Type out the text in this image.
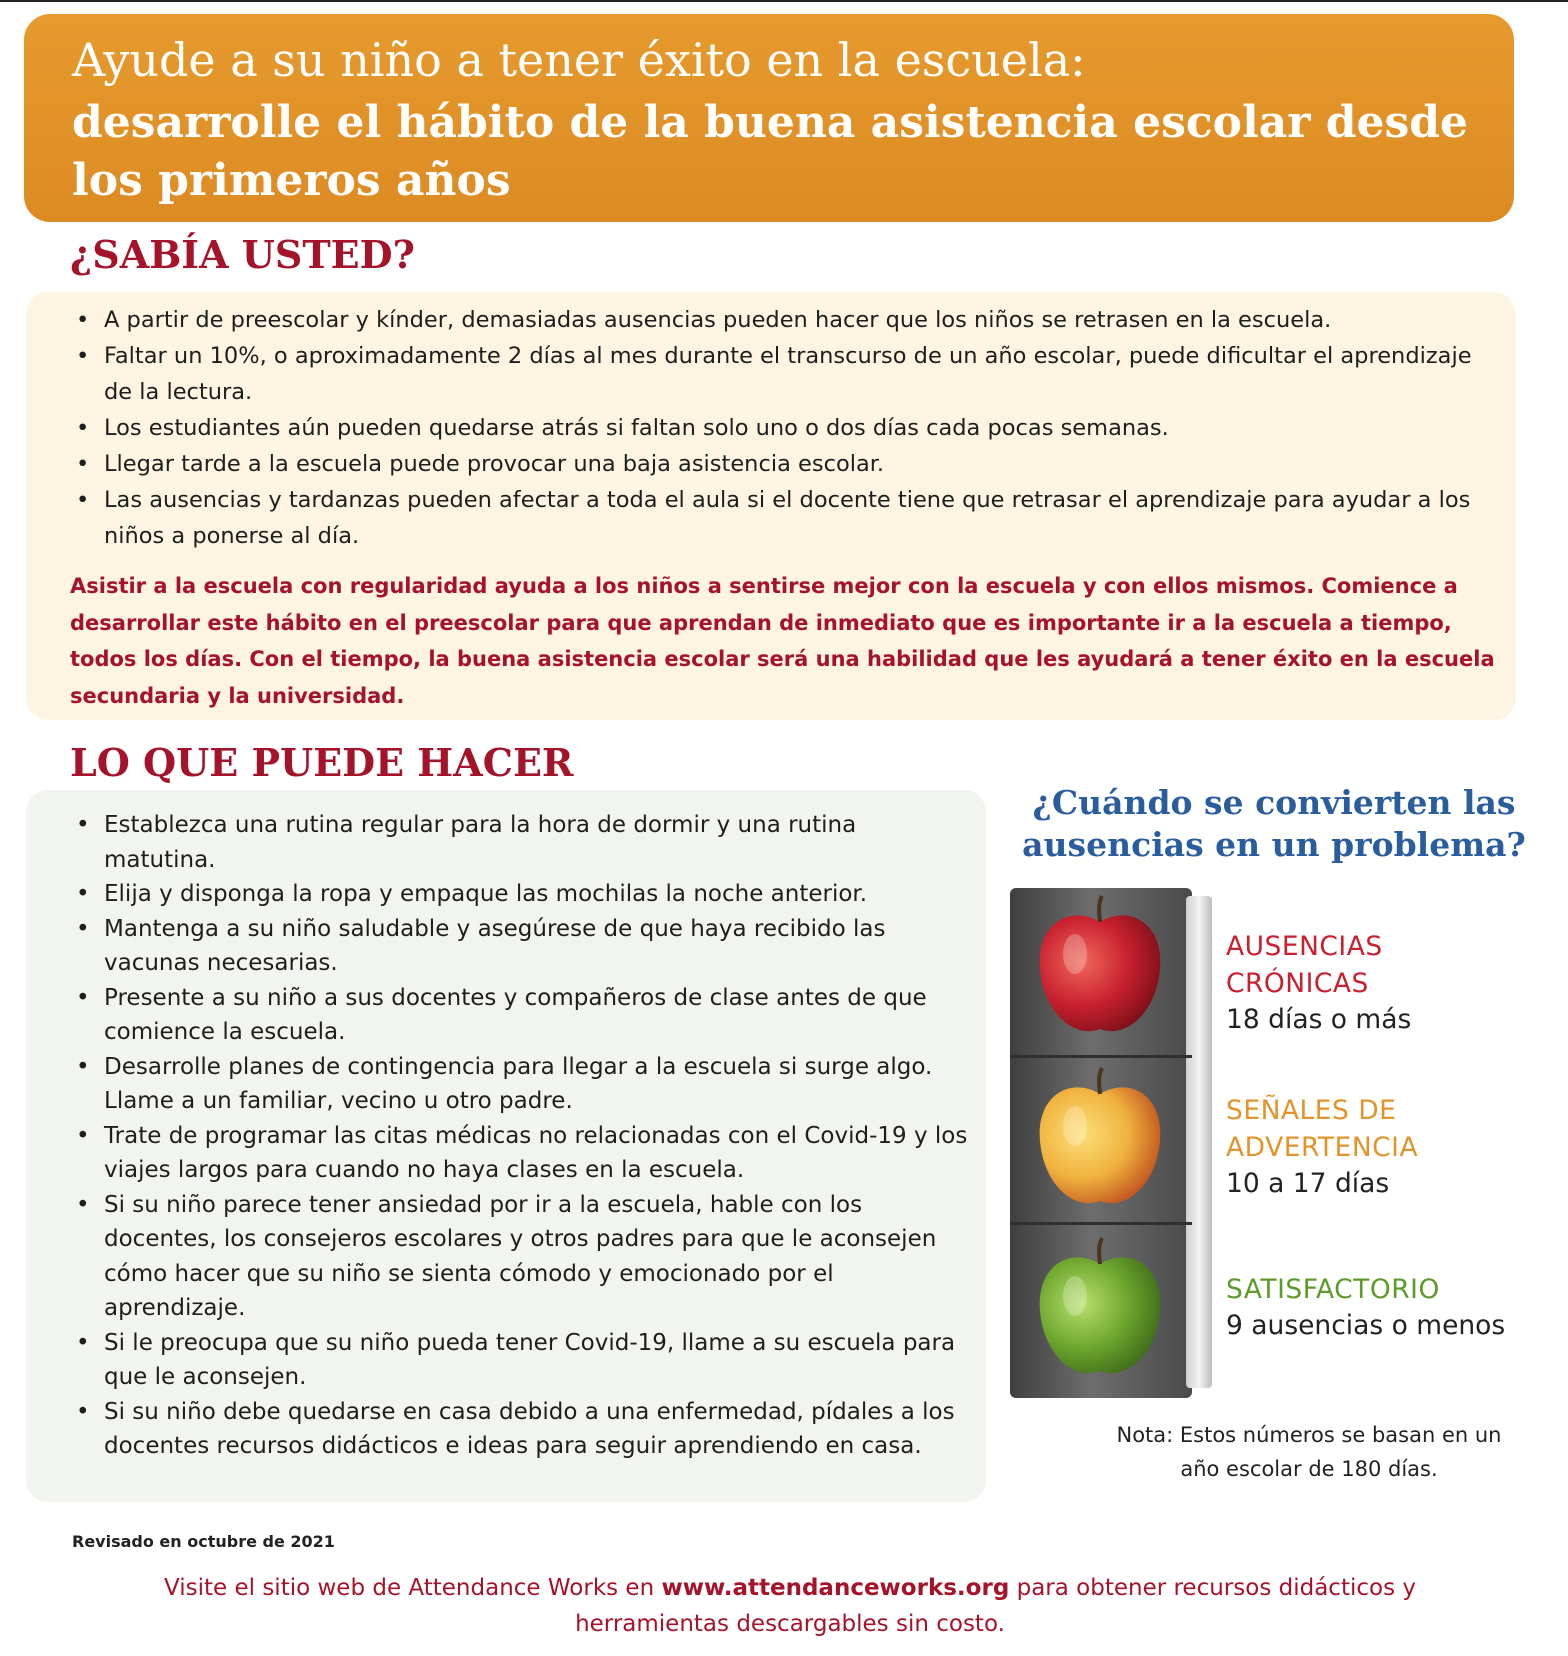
Ayude a su niño a tener éxito en la escuela:
desarrolle el hábito de la buena asistencia escolar desde los primeros años
¿SABÍA USTED?
• A partir de preescolar y kínder, demasiadas ausencias pueden hacer que los niños se retrasen en la escuela.
• Faltar un 10%, o aproximadamente 2 días al mes durante el transcurso de un año escolar, puede dificultar el aprendizaje de la lectura.
• Los estudiantes aún pueden quedarse atrás si faltan solo uno o dos días cada pocas semanas.
• Llegar tarde a la escuela puede provocar una baja asistencia escolar.
• Las ausencias y tardanzas pueden afectar a toda el aula si el docente tiene que retrasar el aprendizaje para ayudar a los niños a ponerse al día.
Asistir a la escuela con regularidad ayuda a los niños a sentirse mejor con la escuela y con ellos mismos. Comience a desarrollar este hábito en el preescolar para que aprendan de inmediato que es importante ir a la escuela a tiempo, todos los días. Con el tiempo, la buena asistencia escolar será una habilidad que les ayudará a tener éxito en la escuela secundaria y la universidad.
LO QUE PUEDE HACER
• Establezca una rutina regular para la hora de dormir y una rutina matutina.
• Elija y disponga la ropa y empaque las mochilas la noche anterior.
• Mantenga a su niño saludable y asegúrese de que haya recibido las vacunas necesarias.
• Presente a su niño a sus docentes y compañeros de clase antes de que comience la escuela.
• Desarrolle planes de contingencia para llegar a la escuela si surge algo. Llame a un familiar, vecino u otro padre.
• Trate de programar las citas médicas no relacionadas con el Covid-19 y los viajes largos para cuando no haya clases en la escuela.
• Si su niño parece tener ansiedad por ir a la escuela, hable con los docentes, los consejeros escolares y otros padres para que le aconsejen cómo hacer que su niño se sienta cómodo y emocionado por el aprendizaje.
• Si le preocupa que su niño pueda tener Covid-19, llame a su escuela para que le aconsejen.
• Si su niño debe quedarse en casa debido a una enfermedad, pídales a los docentes recursos didácticos e ideas para seguir aprendiendo en casa.
¿Cuándo se convierten las ausencias en un problema?
AUSENCIAS
CRÓNICAS
18 días o más
SEÑALES DE
ADVERTENCIA
10 a 17 días
SATISFACTORIO
9 ausencias o menos
Nota: Estos números se basan en un
año escolar de 180 días.
Revisado en octubre de 2021
Visite el sitio web de Attendance Works en www.attendanceworks.org para obtener recursos didácticos y herramientas descargables sin costo.
